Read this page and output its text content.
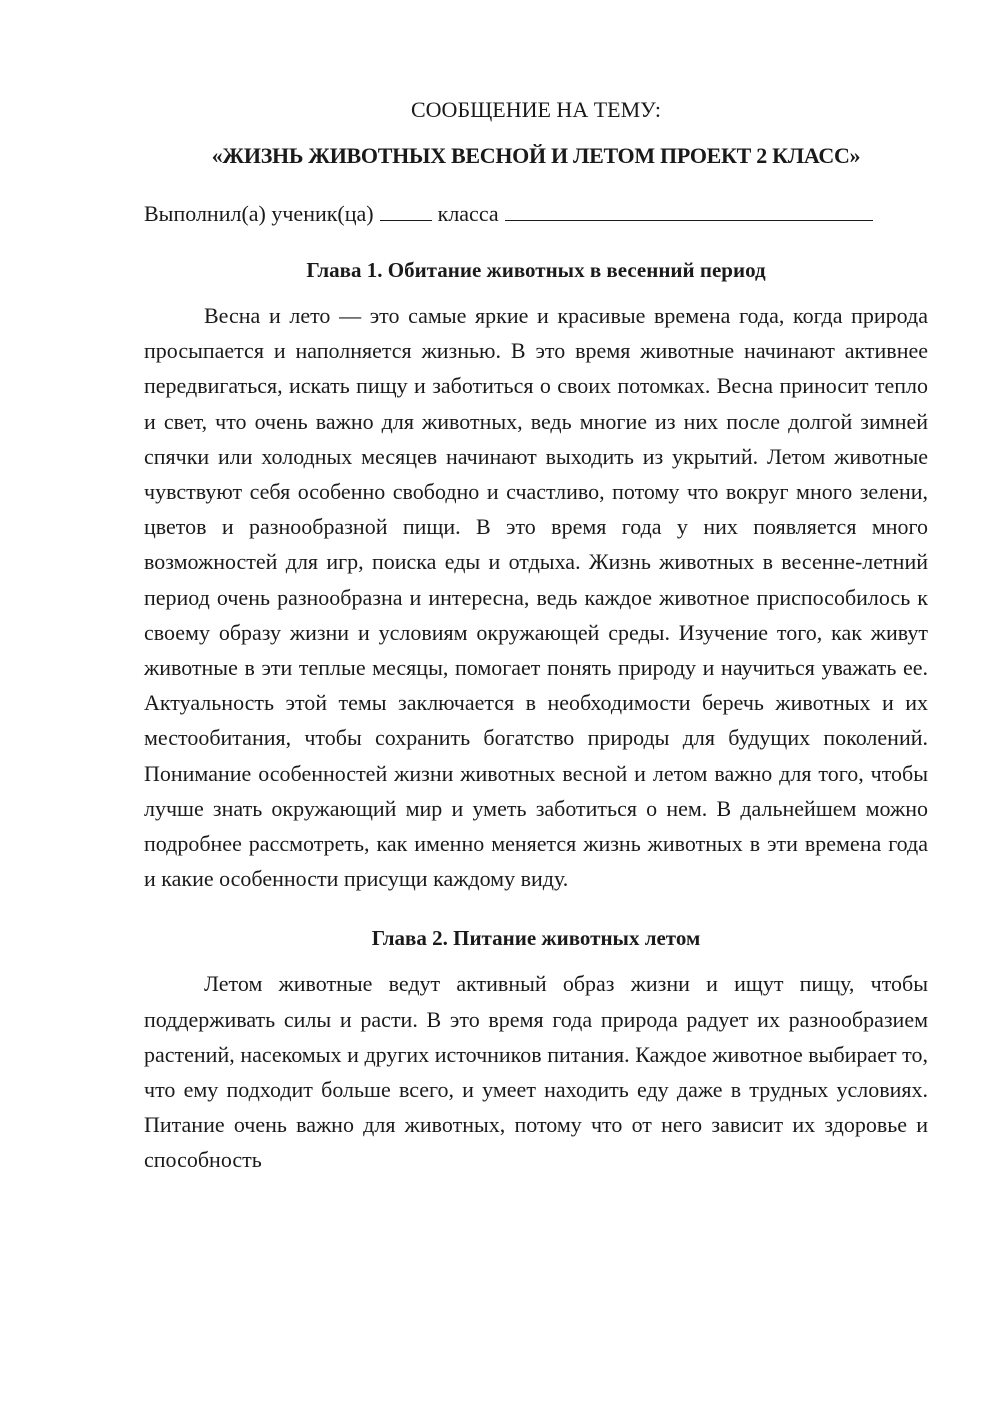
СООБЩЕНИЕ НА ТЕМУ:

«ЖИЗНЬ ЖИВОТНЫХ ВЕСНОЙ И ЛЕТОМ ПРОЕКТ 2 КЛАСС»

Выполнил(а) ученик(ца)	класса

Глава 1. Обитание животных в весенний период

Весна и лето — это самые яркие и красивые времена года, когда природа просыпается и наполняется жизнью. В это время животные начинают активнее передвигаться, искать пищу и заботиться о своих потомках. Весна приносит тепло и свет, что очень важно для животных, ведь многие из них после долгой зимней спячки или холодных месяцев начинают выходить из укрытий. Летом животные чувствуют себя особенно свободно и счастливо, потому что вокруг много зелени, цветов и разнообразной пищи. В это время года у них появляется много возможностей для игр, поиска еды и отдыха. Жизнь животных в весенне-летний период очень разнообразна и интересна, ведь каждое животное приспособилось к своему образу жизни и условиям окружающей среды. Изучение того, как живут животные в эти теплые месяцы, помогает понять природу и научиться уважать ее. Актуальность этой темы заключается в необходимости беречь животных и их местообитания, чтобы сохранить богатство природы для будущих поколений. Понимание особенностей жизни животных весной и летом важно для того, чтобы лучше знать окружающий мир и уметь заботиться о нем. В дальнейшем можно подробнее рассмотреть, как именно меняется жизнь животных в эти времена года и какие особенности присущи каждому виду.

Глава 2. Питание животных летом

Летом животные ведут активный образ жизни и ищут пищу, чтобы поддерживать силы и расти. В это время года природа радует их разнообразием растений, насекомых и других источников питания. Каждое животное выбирает то, что ему подходит больше всего, и умеет находить еду даже в трудных условиях. Питание очень важно для животных, потому что от него зависит их здоровье и способность
